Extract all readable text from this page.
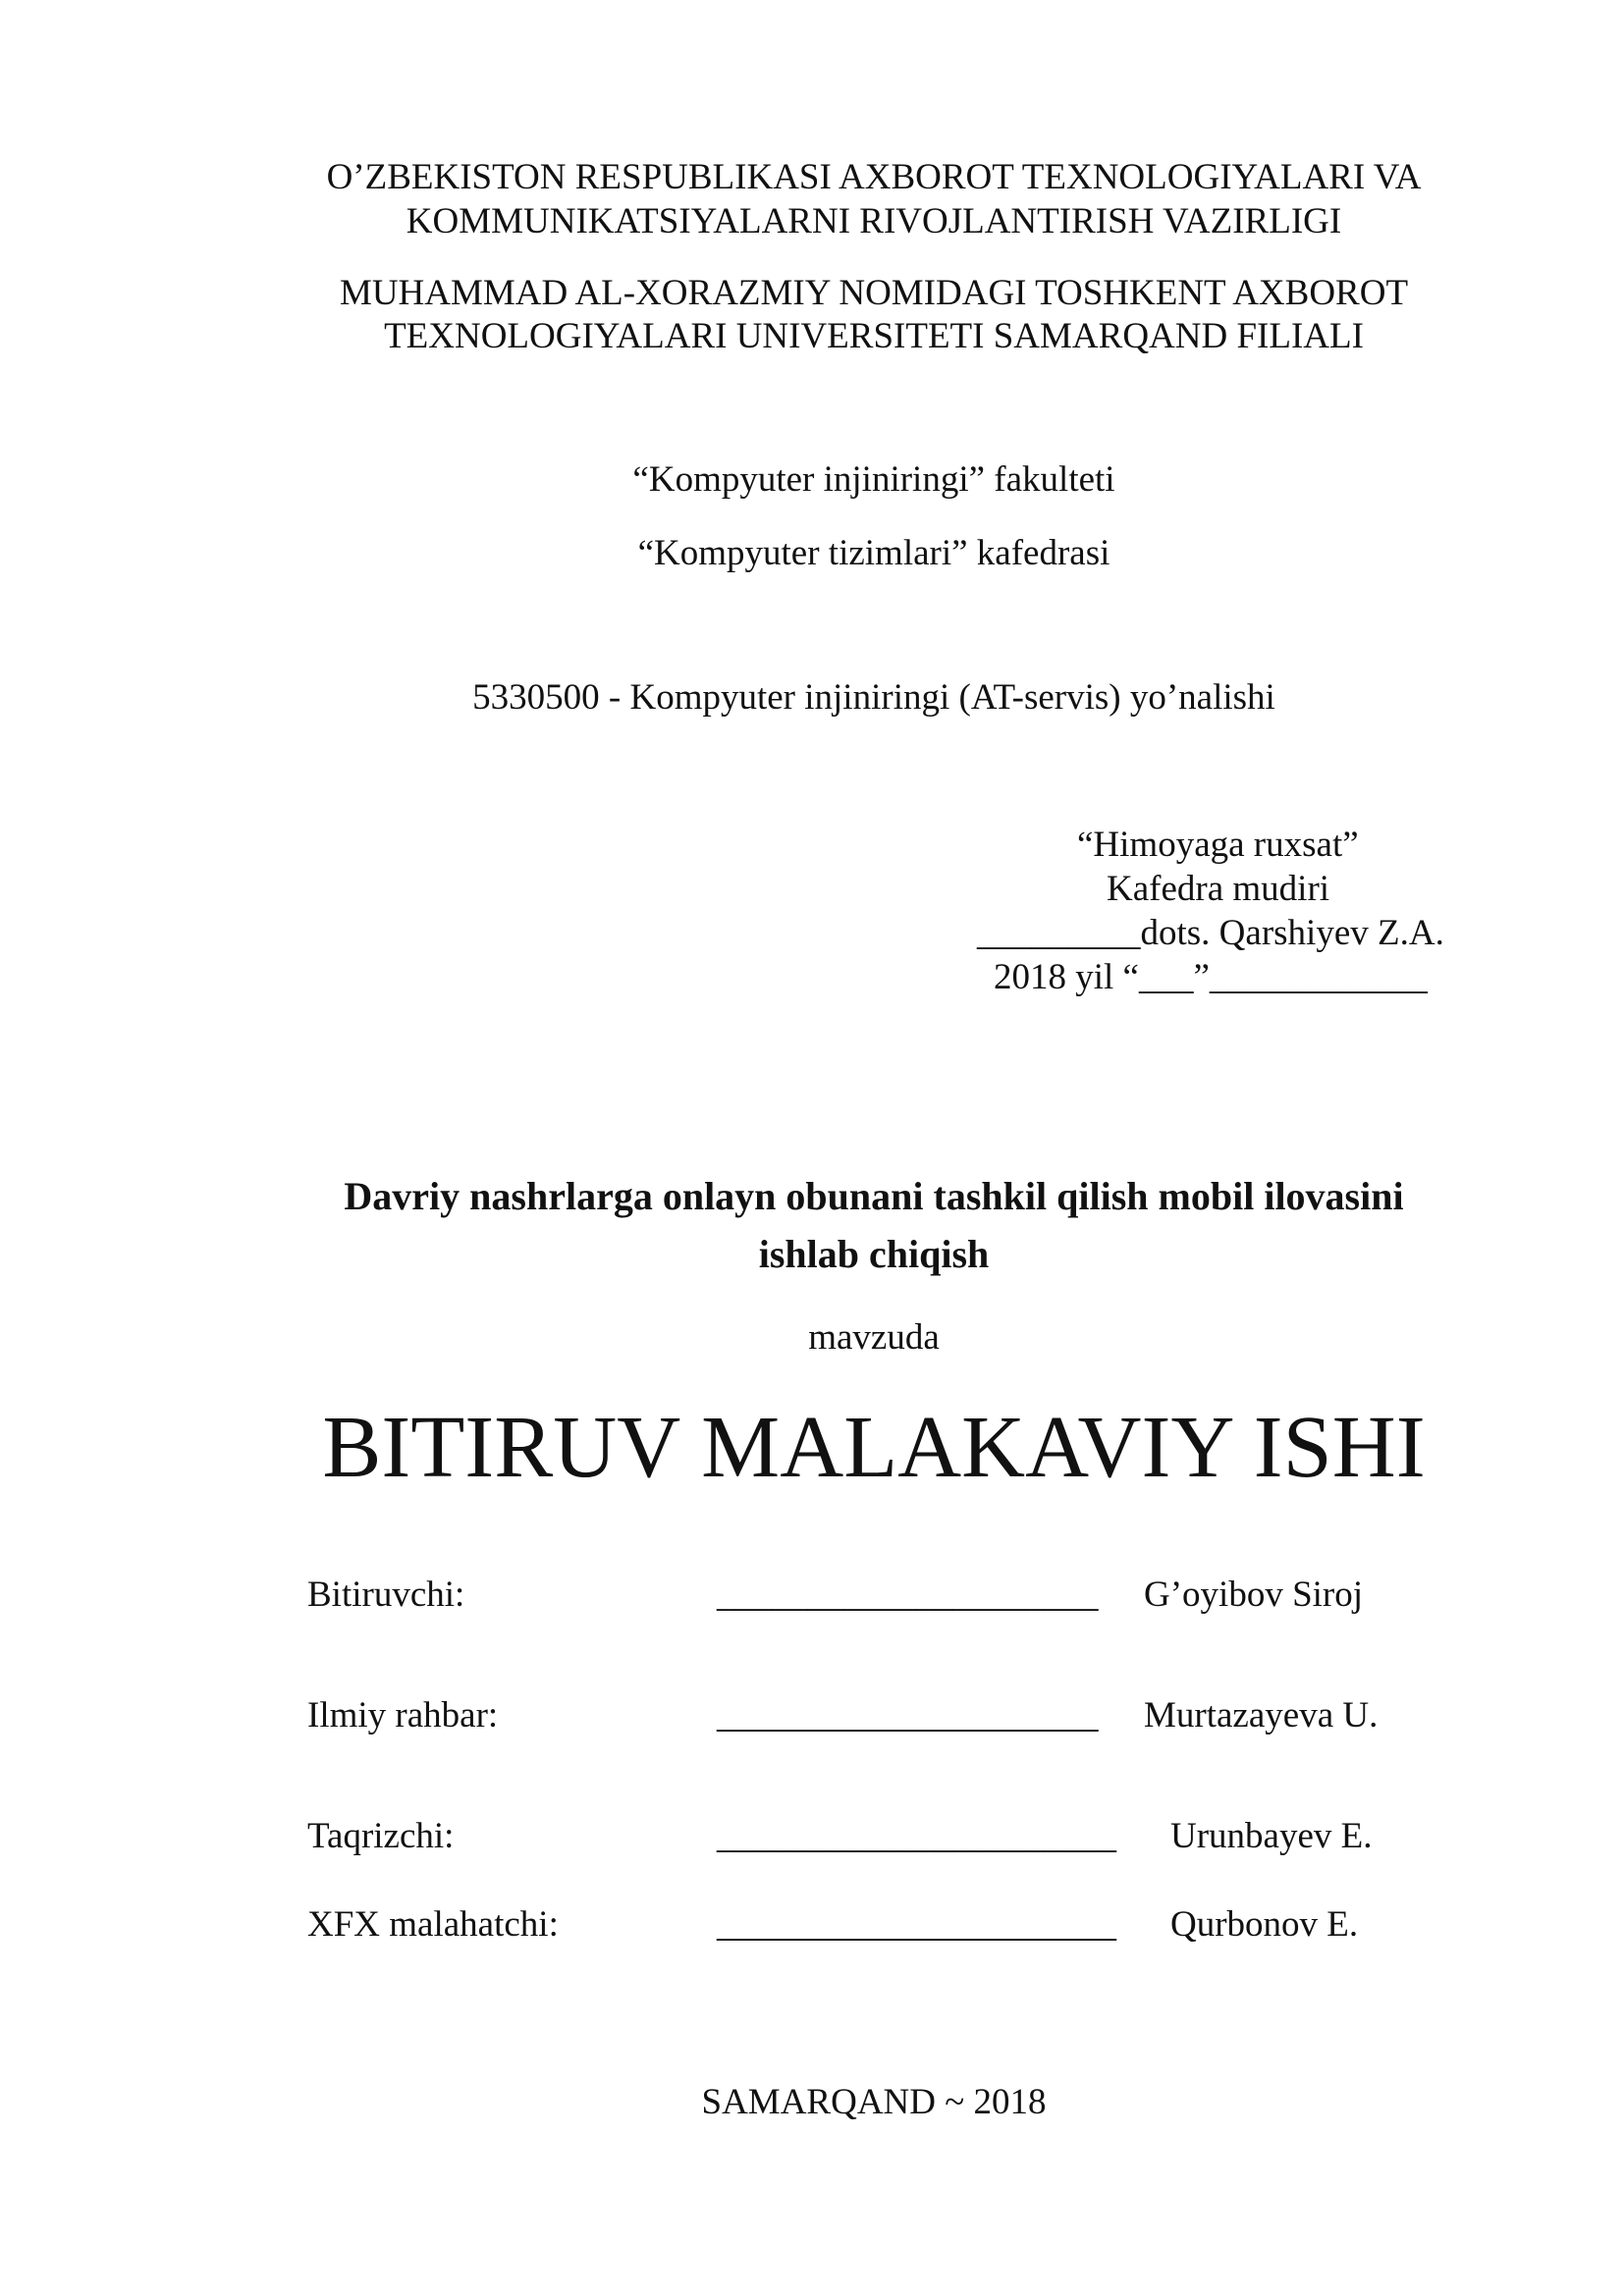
O’ZBEKISTON RESPUBLIKASI AXBOROT TEXNOLOGIYALARI VA
KOMMUNIKATSIYALARNI RIVOJLANTIRISH VAZIRLIGI
MUHAMMAD AL-XORAZMIY NOMIDAGI TOSHKENT AXBOROT
TEXNOLOGIYALARI UNIVERSITETI SAMARQAND FILIALI
“Kompyuter injiniringi” fakulteti
“Kompyuter tizimlari” kafedrasi
5330500 - Kompyuter injiniringi (AT-servis) yo’nalishi
“Himoyaga ruxsat”
Kafedra mudiri
_________dots. Qarshiyev Z.A.
2018 yil “___”____________
Davriy nashrlarga onlayn obunani tashkil qilish mobil ilovasini
ishlab chiqish
mavzuda
BITIRUV MALAKAVIY ISHI
Bitiruvchi:	_____________________ G’oyibov Siroj
Ilmiy rahbar:	_____________________ Murtazayeva U.
Taqrizchi:	______________________ Urunbayev E.
XFX malahatchi:	______________________ Qurbonov E.
SAMARQAND ~ 2018
